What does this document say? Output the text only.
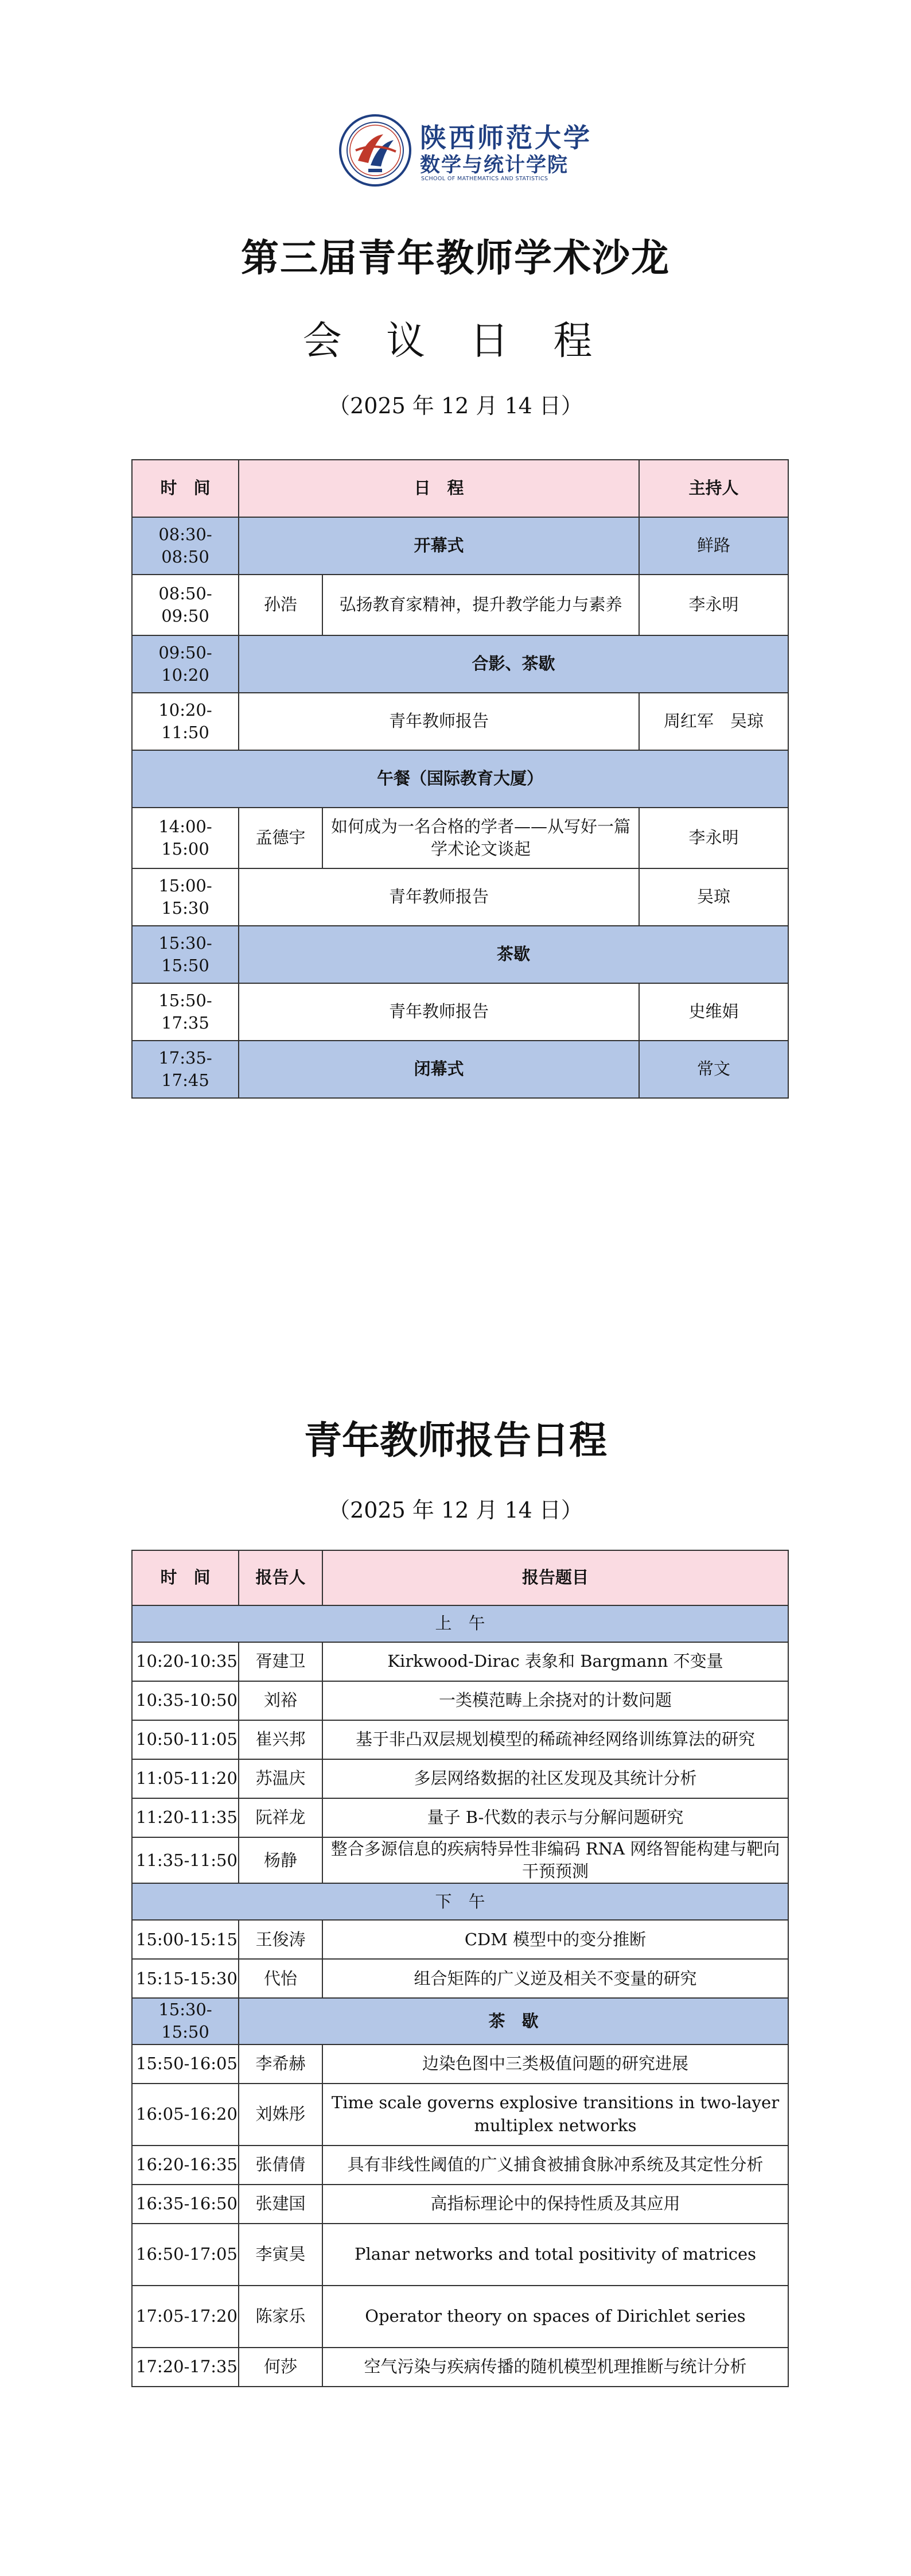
陕西师范大学
数学与统计学院
SCHOOL OF MATHEMATICS AND STATISTICS
第三届青年教师学术沙龙
会 议 日 程
（2025 年 12 月 14 日）
时　间	日　程		主持人
08:30-08:50	开幕式		鲜路
08:50-09:50	孙浩	弘扬教育家精神，提升教学能力与素养	李永明
09:50-10:20	合影、茶歇		
10:20-11:50	青年教师报告		周红军　吴琼
午餐（国际教育大厦）			
14:00-15:00	孟德宇	如何成为一名合格的学者——从写好一篇学术论文谈起	李永明
15:00-15:30	青年教师报告		吴琼
15:30-15:50	茶歇		
15:50-17:35	青年教师报告		史维娟
17:35-17:45	闭幕式		常文
青年教师报告日程
（2025 年 12 月 14 日）
时　间	报告人	报告题目
上　午		
10:20-10:35	胥建卫	Kirkwood-Dirac 表象和 Bargmann 不变量
10:35-10:50	刘裕	一类模范畴上余挠对的计数问题
10:50-11:05	崔兴邦	基于非凸双层规划模型的稀疏神经网络训练算法的研究
11:05-11:20	苏温庆	多层网络数据的社区发现及其统计分析
11:20-11:35	阮祥龙	量子 B-代数的表示与分解问题研究
11:35-11:50	杨静	整合多源信息的疾病特异性非编码 RNA 网络智能构建与靶向干预预测
下　午		
15:00-15:15	王俊涛	CDM 模型中的变分推断
15:15-15:30	代怡	组合矩阵的广义逆及相关不变量的研究
15:30-15:50	茶　歇	
15:50-16:05	李希赫	边染色图中三类极值问题的研究进展
16:05-16:20	刘姝彤	Time scale governs explosive transitions in two-layer multiplex networks
16:20-16:35	张倩倩	具有非线性阈值的广义捕食被捕食脉冲系统及其定性分析
16:35-16:50	张建国	高指标理论中的保持性质及其应用
16:50-17:05	李寅昊	Planar networks and total positivity of matrices
17:05-17:20	陈家乐	Operator theory on spaces of Dirichlet series
17:20-17:35	何莎	空气污染与疾病传播的随机模型机理推断与统计分析
